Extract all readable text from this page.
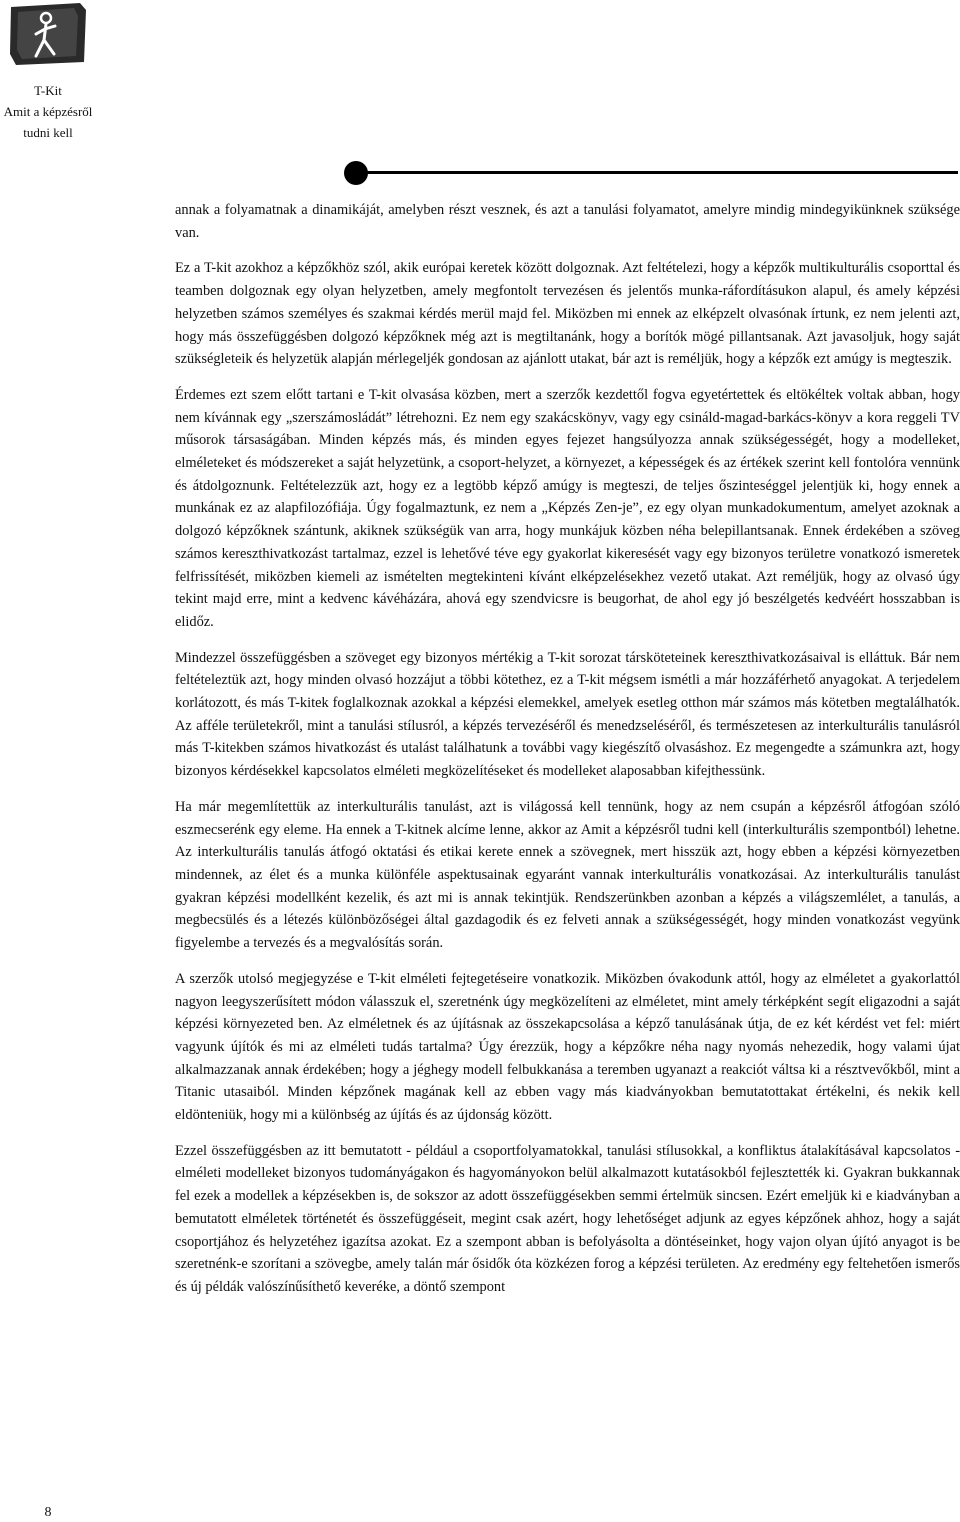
T-Kit
Amit a képzésről
tudni kell

annak a folyamatnak a dinamikáját, amelyben részt vesznek, és azt a tanulási folyamatot, amelyre mindig mindegyikünknek szüksége van.

Ez a T-kit azokhoz a képzőkhöz szól, akik európai keretek között dolgoznak. Azt feltételezi, hogy a képzők multikulturális csoporttal és teamben dolgoznak egy olyan helyzetben, amely megfontolt tervezésen és jelentős munka-ráfordításukon alapul, és amely képzési helyzetben számos személyes és szakmai kérdés merül majd fel. Miközben mi ennek az elképzelt olvasónak írtunk, ez nem jelenti azt, hogy más összefüggésben dolgozó képzőknek még azt is megtiltanánk, hogy a borítók mögé pillantsanak. Azt javasoljuk, hogy saját szükségleteik és helyzetük alapján mérlegeljék gondosan az ajánlott utakat, bár azt is reméljük, hogy a képzők ezt amúgy is megteszik.

Érdemes ezt szem előtt tartani e T-kit olvasása közben, mert a szerzők kezdettől fogva egyetértettek és eltökéltek voltak abban, hogy nem kívánnak egy „szerszámosládát” létrehozni. Ez nem egy szakácskönyv, vagy egy csináld-magad-barkács-könyv a kora reggeli TV műsorok társaságában. Minden képzés más, és minden egyes fejezet hangsúlyozza annak szükségességét, hogy a modelleket, elméleteket és módszereket a saját helyzetünk, a csoport-helyzet, a környezet, a képességek és az értékek szerint kell fontolóra vennünk és átdolgoznunk. Feltételezzük azt, hogy ez a legtöbb képző amúgy is megteszi, de teljes őszinteséggel jelentjük ki, hogy ennek a munkának ez az alapfilozófiája. Úgy fogalmaztunk, ez nem a „Képzés Zen-je”, ez egy olyan munkadokumentum, amelyet azoknak a dolgozó képzőknek szántunk, akiknek szükségük van arra, hogy munkájuk közben néha belepillantsanak. Ennek érdekében a szöveg számos kereszthivatkozást tartalmaz, ezzel is lehetővé téve egy gyakorlat kikeresését vagy egy bizonyos területre vonatkozó ismeretek felfrissítését, miközben kiemeli az ismételten megtekinteni kívánt elképzelésekhez vezető utakat. Azt reméljük, hogy az olvasó úgy tekint majd erre, mint a kedvenc kávéházára, ahová egy szendvicsre is beugorhat, de ahol egy jó beszélgetés kedvéért hosszabban is elidőz.

Mindezzel összefüggésben a szöveget egy bizonyos mértékig a T-kit sorozat társköteteinek kereszthivatkozásaival is elláttuk. Bár nem feltételeztük azt, hogy minden olvasó hozzájut a többi kötethez, ez a T-kit mégsem ismétli a már hozzáférhető anyagokat. A terjedelem korlátozott, és más T-kitek foglalkoznak azokkal a képzési elemekkel, amelyek esetleg otthon már számos más kötetben megtalálhatók. Az afféle területekről, mint a tanulási stílusról, a képzés tervezéséről és menedzseléséről, és természetesen az interkulturális tanulásról más T-kitekben számos hivatkozást és utalást találhatunk a további vagy kiegészítő olvasáshoz. Ez megengedte a számunkra azt, hogy bizonyos kérdésekkel kapcsolatos elméleti megközelítéseket és modelleket alaposabban kifejthessünk.

Ha már megemlítettük az interkulturális tanulást, azt is világossá kell tennünk, hogy az nem csupán a képzésről átfogóan szóló eszmecserénk egy eleme. Ha ennek a T-kitnek alcíme lenne, akkor az Amit a képzésről tudni kell (interkulturális szempontból) lehetne. Az interkulturális tanulás átfogó oktatási és etikai kerete ennek a szövegnek, mert hisszük azt, hogy ebben a képzési környezetben mindennek, az élet és a munka különféle aspektusainak egyaránt vannak interkulturális vonatkozásai. Az interkulturális tanulást gyakran képzési modellként kezelik, és azt mi is annak tekintjük. Rendszerünkben azonban a képzés a világszemlélet, a tanulás, a megbecsülés és a létezés különbözőségei által gazdagodik és ez felveti annak a szükségességét, hogy minden vonatkozást vegyünk figyelembe a tervezés és a megvalósítás során.

A szerzők utolsó megjegyzése e T-kit elméleti fejtegetéseire vonatkozik. Miközben óvakodunk attól, hogy az elméletet a gyakorlattól nagyon leegyszerűsített módon válasszuk el, szeretnénk úgy megközelíteni az elméletet, mint amely térképként segít eligazodni a saját képzési környezeted ben. Az elméletnek és az újításnak az összekapcsolása a képző tanulásának útja, de ez két kérdést vet fel: miért vagyunk újítók és mi az elméleti tudás tartalma? Úgy érezzük, hogy a képzőkre néha nagy nyomás nehezedik, hogy valami újat alkalmazzanak annak érdekében; hogy a jéghegy modell felbukkanása a teremben ugyanazt a reakciót váltsa ki a résztvevőkből, mint a Titanic utasaiból. Minden képzőnek magának kell az ebben vagy más kiadványokban bemutatottakat értékelni, és nekik kell eldönteniük, hogy mi a különbség az újítás és az újdonság között.

Ezzel összefüggésben az itt bemutatott - például a csoportfolyamatokkal, tanulási stílusokkal, a konfliktus átalakításával kapcsolatos - elméleti modelleket bizonyos tudományágakon és hagyományokon belül alkalmazott kutatásokból fejlesztették ki. Gyakran bukkannak fel ezek a modellek a képzésekben is, de sokszor az adott összefüggésekben semmi értelmük sincsen. Ezért emeljük ki e kiadványban a bemutatott elméletek történetét és összefüggéseit, megint csak azért, hogy lehetőséget adjunk az egyes képzőnek ahhoz, hogy a saját csoportjához és helyzetéhez igazítsa azokat. Ez a szempont abban is befolyásolta a döntéseinket, hogy vajon olyan újító anyagot is be szeretnénk-e szorítani a szövegbe, amely talán már ősidők óta közkézen forog a képzési területen. Az eredmény egy feltehetően ismerős és új példák valószínűsíthető keveréke, a döntő szempont

8
